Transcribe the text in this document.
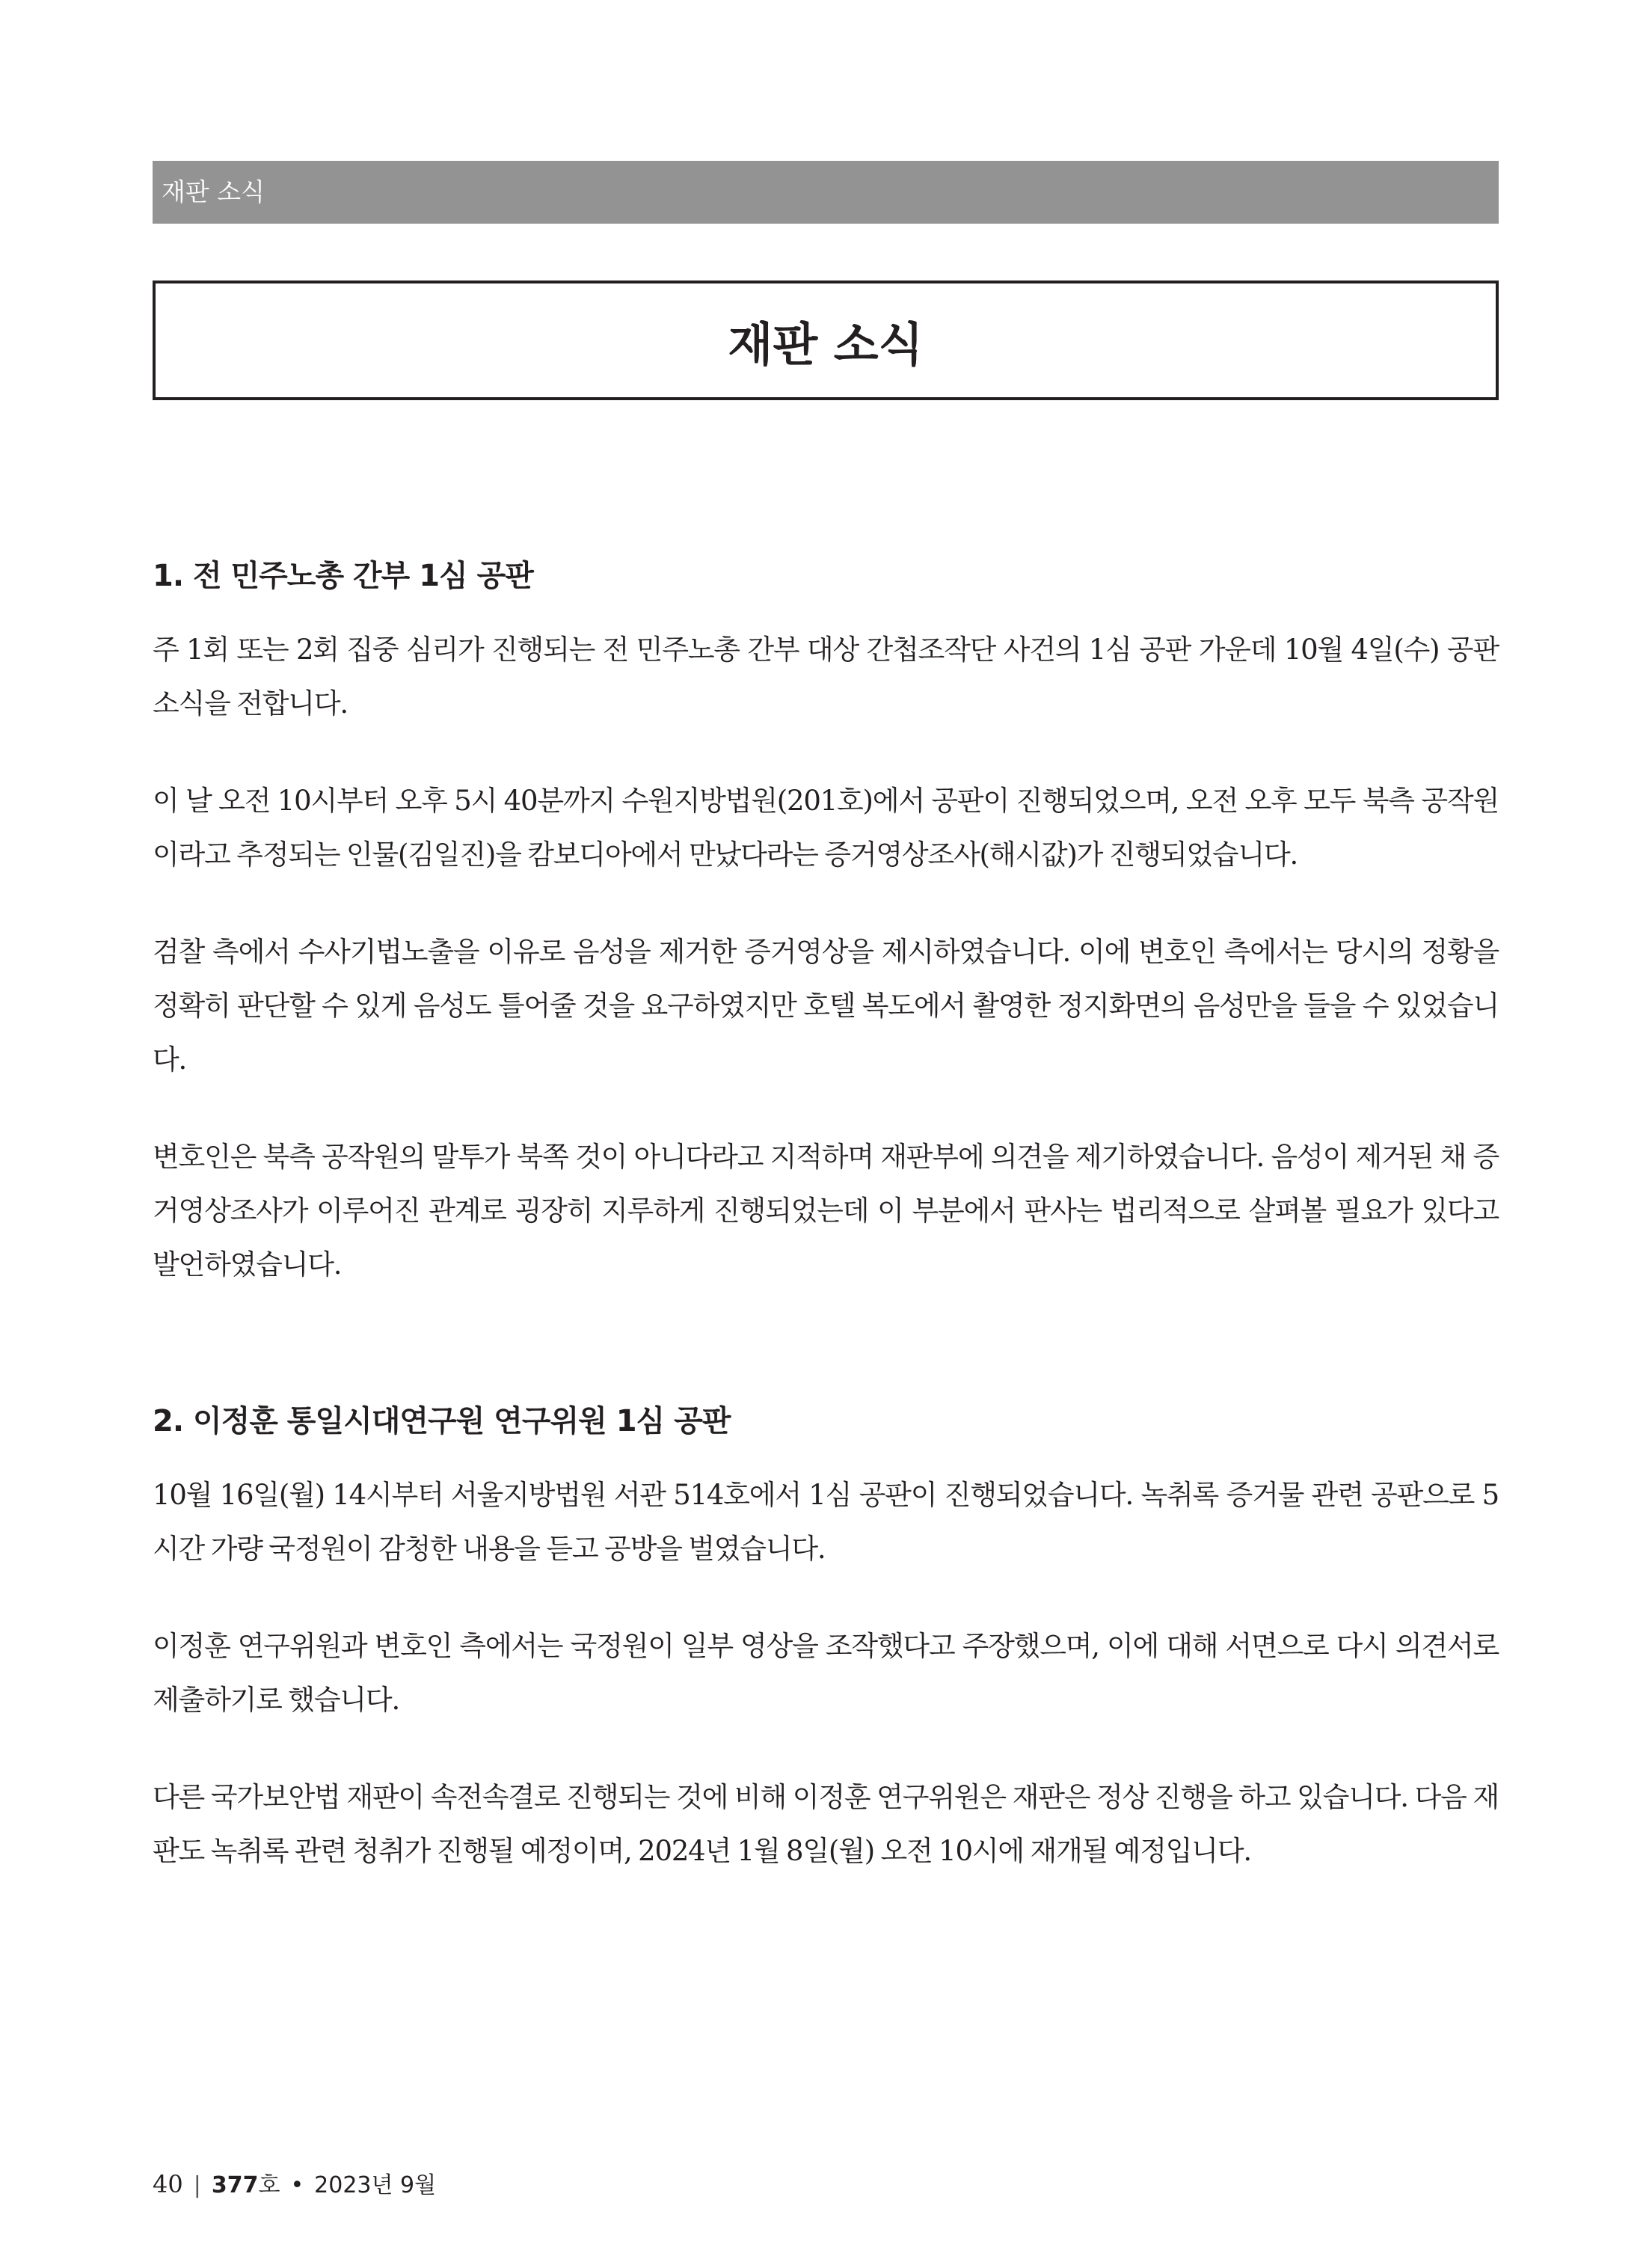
재판 소식
재판 소식
1. 전 민주노총 간부 1심 공판

주 1회 또는 2회 집중 심리가 진행되는 전 민주노총 간부 대상 간첩조작단 사건의 1심 공판 가운데 10월 4일(수) 공판 소식을 전합니다.

이 날 오전 10시부터 오후 5시 40분까지 수원지방법원(201호)에서 공판이 진행되었으며, 오전 오후 모두 북측 공작원이라고 추정되는 인물(김일진)을 캄보디아에서 만났다라는 증거영상조사(해시값)가 진행되었습니다.

검찰 측에서 수사기법노출을 이유로 음성을 제거한 증거영상을 제시하였습니다. 이에 변호인 측에서는 당시의 정황을 정확히 판단할 수 있게 음성도 틀어줄 것을 요구하였지만 호텔 복도에서 촬영한 정지화면의 음성만을 들을 수 있었습니다.

변호인은 북측 공작원의 말투가 북쪽 것이 아니다라고 지적하며 재판부에 의견을 제기하였습니다. 음성이 제거된 채 증거영상조사가 이루어진 관계로 굉장히 지루하게 진행되었는데 이 부분에서 판사는 법리적으로 살펴볼 필요가 있다고 발언하였습니다.

2. 이정훈 통일시대연구원 연구위원 1심 공판

10월 16일(월) 14시부터 서울지방법원 서관 514호에서 1심 공판이 진행되었습니다. 녹취록 증거물 관련 공판으로 5시간 가량 국정원이 감청한 내용을 듣고 공방을 벌였습니다.

이정훈 연구위원과 변호인 측에서는 국정원이 일부 영상을 조작했다고 주장했으며, 이에 대해 서면으로 다시 의견서로 제출하기로 했습니다.

다른 국가보안법 재판이 속전속결로 진행되는 것에 비해 이정훈 연구위원은 재판은 정상 진행을 하고 있습니다. 다음 재판도 녹취록 관련 청취가 진행될 예정이며, 2024년 1월 8일(월) 오전 10시에 재개될 예정입니다.

40 | 377호 • 2023년 9월
